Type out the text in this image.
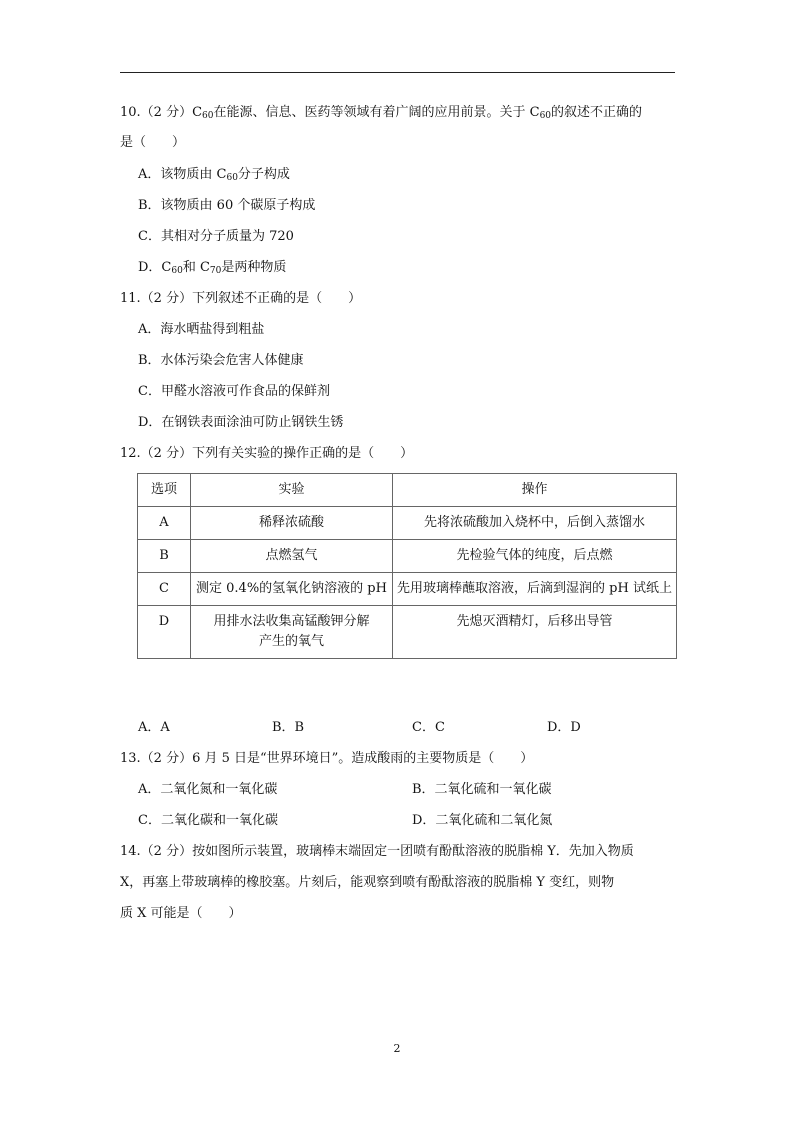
10.（2 分）$C_{60}$在能源、信息、医药等领域有着广阔的应用前景。关于 $C_{60}$的叙述不正确的
是（　　）
A．该物质由 $C_{60}$分子构成
B．该物质由 60 个碳原子构成
C．其相对分子质量为 720
D．$C_{60}$和 $C_{70}$是两种物质
11.（2 分）下列叙述不正确的是（　　）
A．海水晒盐得到粗盐
B．水体污染会危害人体健康
C．甲醛水溶液可作食品的保鲜剂
D．在钢铁表面涂油可防止钢铁生锈
12.（2 分）下列有关实验的操作正确的是（　　）
选项	实验	操作
A	稀释浓硫酸	先将浓硫酸加入烧杯中，后倒入蒸馏水
B	点燃氢气	先检验气体的纯度，后点燃
C	测定 0.4%的氢氧化钠溶液的 pH	先用玻璃棒蘸取溶液，后滴到湿润的 pH 试纸上
D	用排水法收集高锰酸钾分解产生的氧气	先熄灭酒精灯，后移出导管
A．A	B．B	C．C	D．D
13.（2 分）6 月 5 日是“世界环境日”。造成酸雨的主要物质是（　　）
A．二氧化氮和一氧化碳	B．二氧化硫和一氧化碳
C．二氧化碳和一氧化碳	D．二氧化硫和二氧化氮
14.（2 分）按如图所示装置，玻璃棒末端固定一团喷有酚酞溶液的脱脂棉 Y．先加入物质
X，再塞上带玻璃棒的橡胶塞。片刻后，能观察到喷有酚酞溶液的脱脂棉 Y 变红，则物
质 X 可能是（　　）
2
